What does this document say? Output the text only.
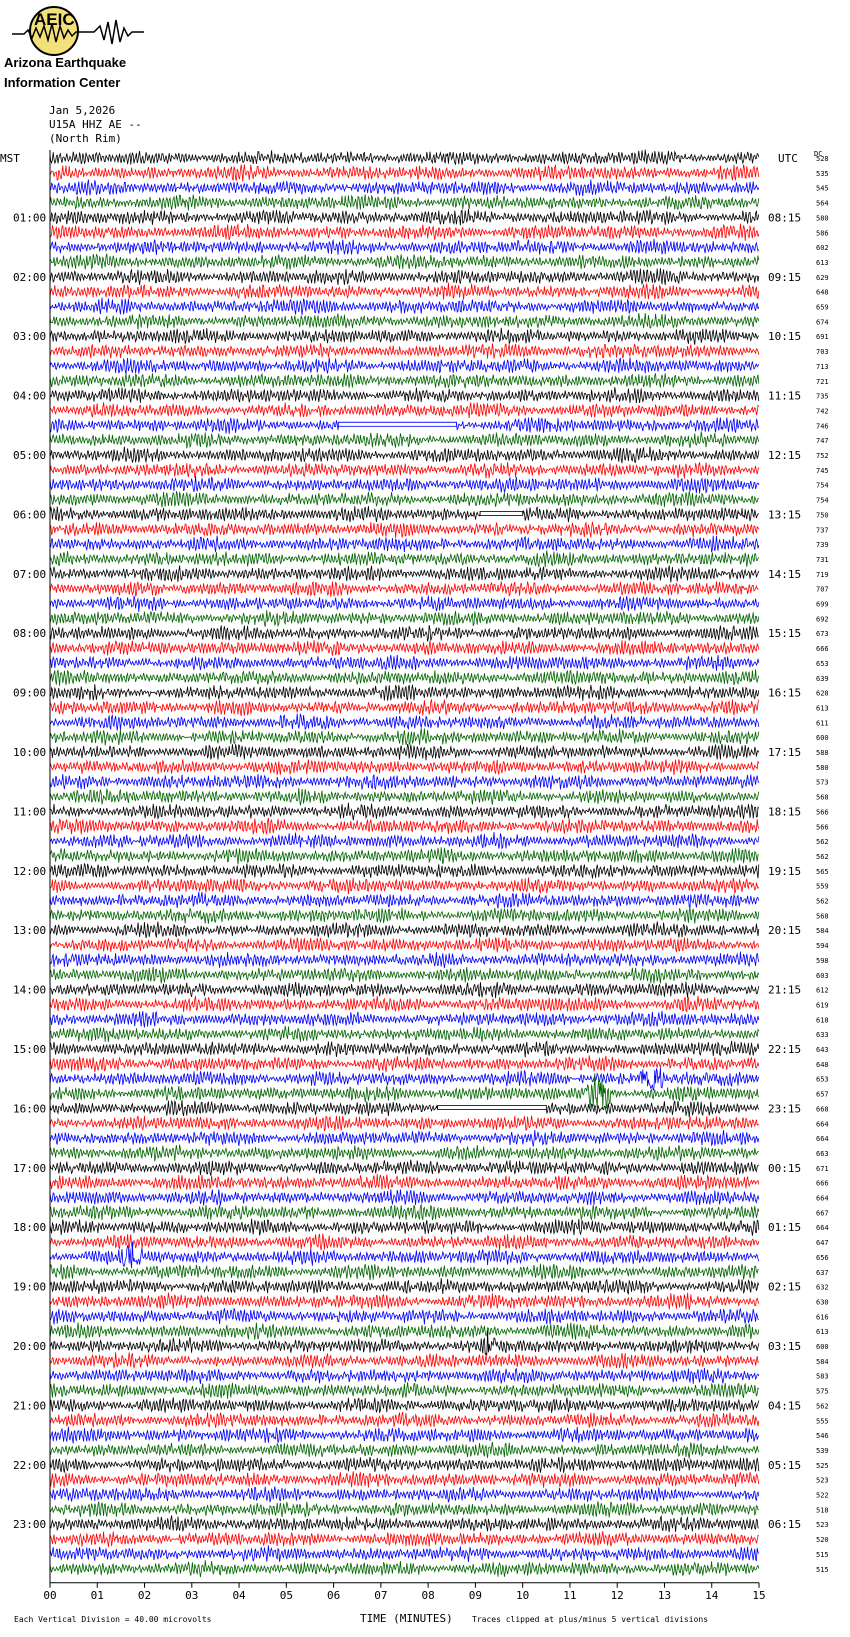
AEIC
Arizona Earthquake
Information Center
Jan 5,2026
U15A HHZ AE --
(North Rim)
528
535
545
564
580
586
602
613
629
648
659
674
691
703
713
721
735
742
746
747
752
745
754
754
750
737
739
731
719
707
699
692
673
666
653
639
628
613
611
600
588
580
573
568
566
566
562
562
565
559
562
568
584
594
598
603
612
619
618
633
643
648
653
657
668
664
664
663
671
666
664
667
664
647
656
637
632
630
616
613
600
584
583
575
562
555
546
539
525
523
522
518
523
520
515
515
MST	UTC DC
01:00	08:15
02:00	09:15
03:00	10:15
04:00	11:15
05:00	12:15
06:00	13:15
07:00	14:15
08:00	15:15
09:00	16:15
10:00	17:15
11:00	18:15
12:00	19:15
13:00	20:15
14:00	21:15
15:00	22:15
16:00	23:15
17:00	00:15
18:00	01:15
19:00	02:15
20:00	03:15
21:00	04:15
22:00	05:15
23:00	06:15
00	01	02	03	04	05	06	07	08	09	10	11	12	13	14	15
Each Vertical Division = 40.00 microvolts	TIME (MINUTES) Traces clipped at plus/minus 5 vertical divisions
